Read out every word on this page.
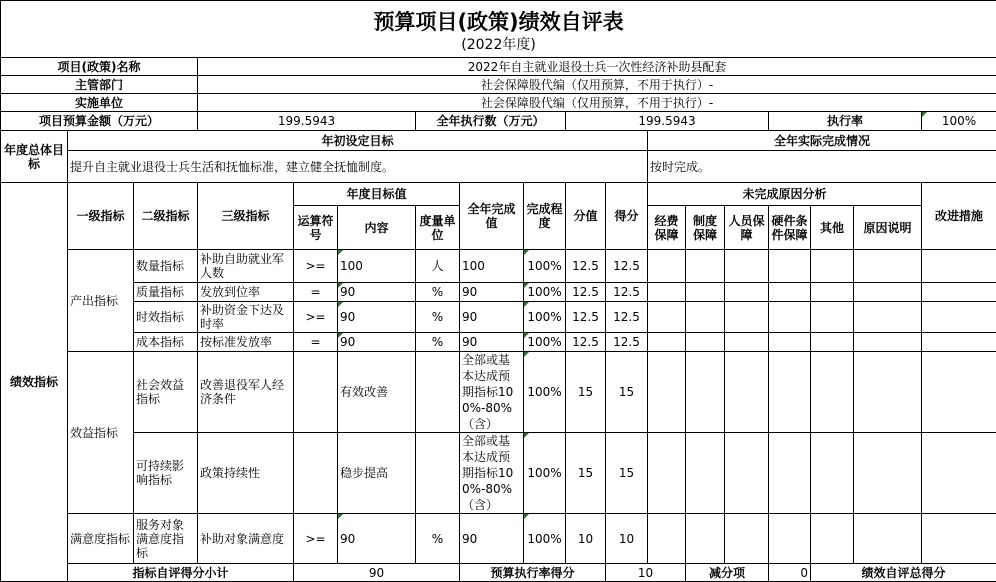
预算项目(政策)绩效自评表
(2022年度)																		

项目(政策)名称			2022年自主就业退役士兵一次性经济补助县配套															
主管部门			社会保障股代编（仅用预算，不用于执行）-															
实施单位			社会保障股代编（仅用预算，不用于执行）-															
项目预算金额（万元）			199.5943			全年执行数（万元）			199.5943					执行率			100%	
年度总体目标	年初设定目标										全年实际完成情况							
	提升自主就业退役士兵生活和抚恤标准，建立健全抚恤制度。										按时完成。							
绩效指标	一级指标	二级指标	三级指标	年度目标值			全年完成值	完成程度	分值	得分	未完成原因分析						改进措施	
				运算符号	内容	度量单位					经费保障	制度保障	人员保障	硬件条件保障	其他	原因说明		
	产出指标	数量指标	补助自助就业军人数	>=	100	人	100	100%	12.5	12.5								
		质量指标	发放到位率	=	90	%	90	100%	12.5	12.5								
		时效指标	补助资金下达及时率	>=	90	%	90	100%	12.5	12.5								
		成本指标	按标准发放率	=	90	%	90	100%	12.5	12.5								
	效益指标	社会效益指标	改善退役军人经济条件		有效改善		全部或基本达成预期指标100%-80%（含）	100%	15	15								
		可持续影响指标	政策持续性		稳步提高		全部或基本达成预期指标100%-80%（含）	100%	15	15								
	满意度指标	服务对象满意度指标	补助对象满意度	>=	90	%	90	100%	10	10								
	指标自评得分小计			90			预算执行率得分			10		减分项		0	绩效自评总得分	
